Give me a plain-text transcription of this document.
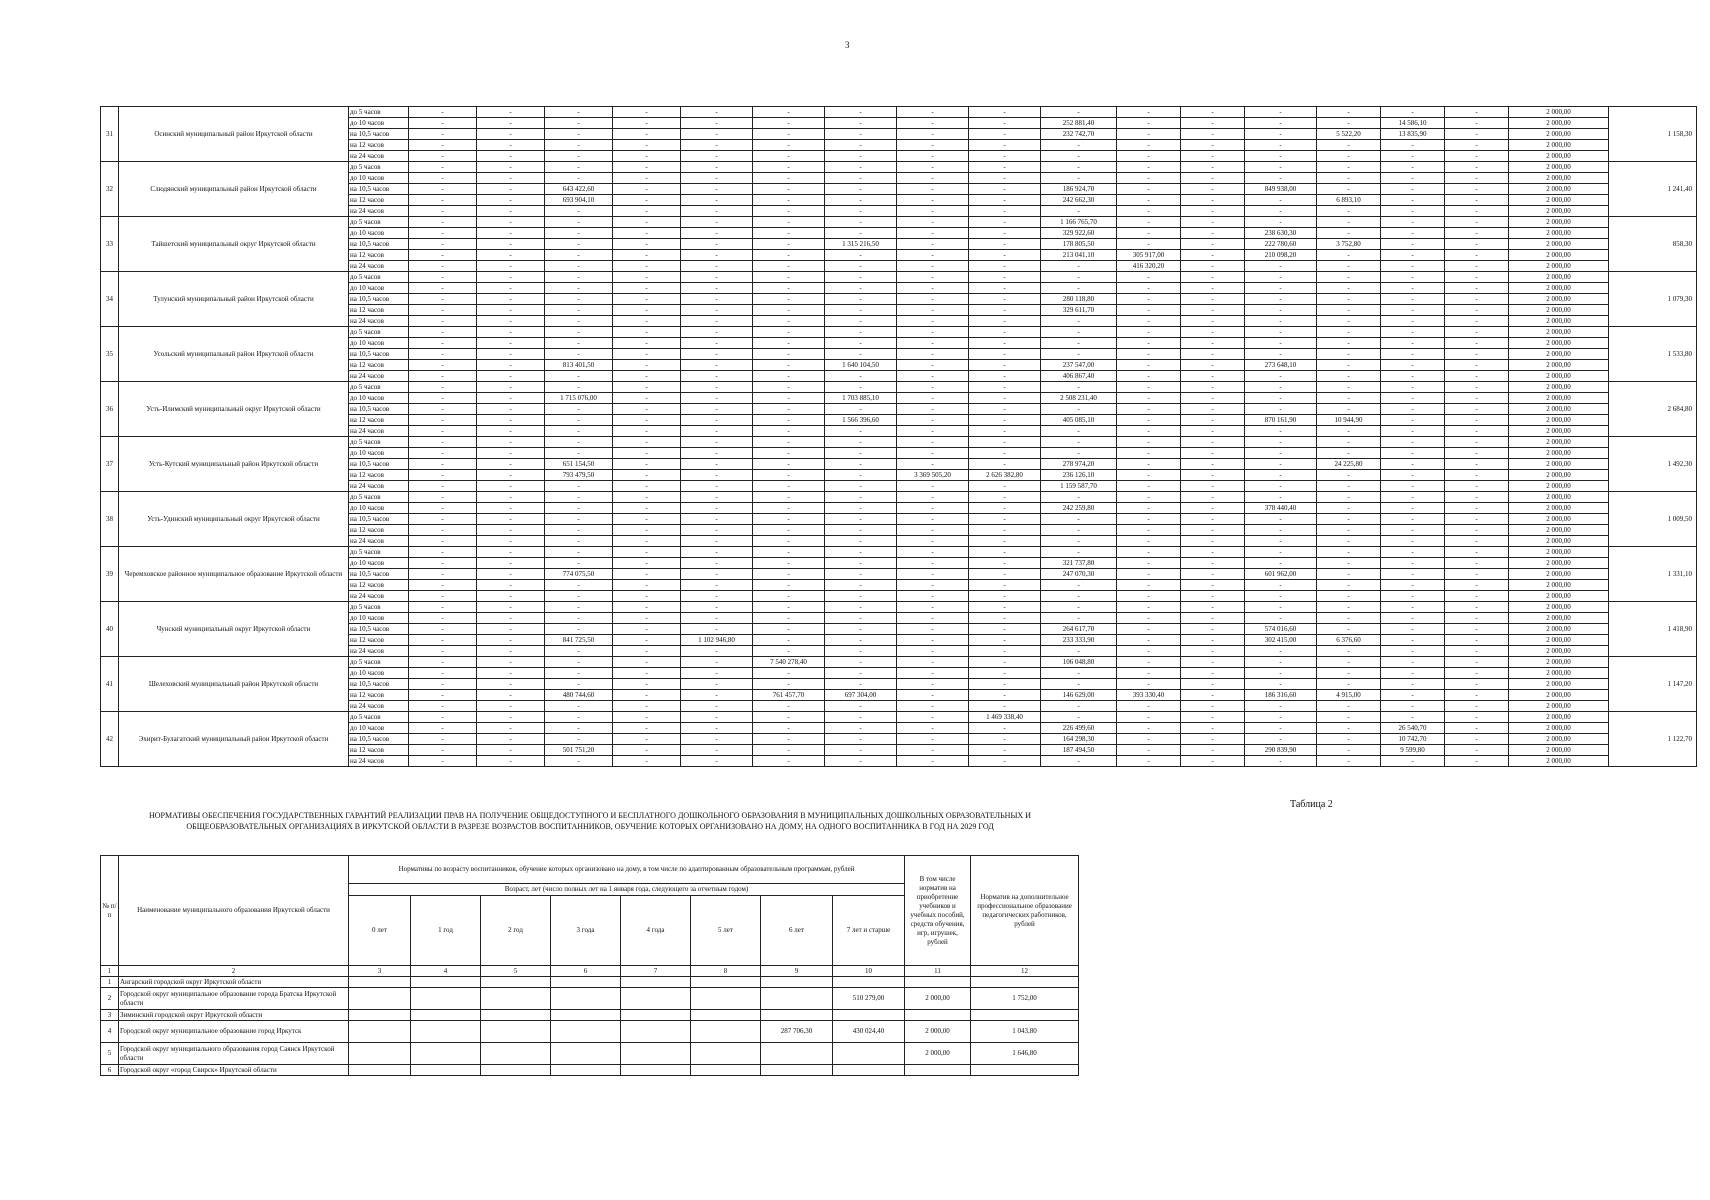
3
31	Осинский муниципальный район Иркутской области	до 5 часов	-	-	-	-	-	-	-	-	-	-	-	-	-	-	-	-	2 000,00	1 158,30
		до 10 часов	-	-	-	-	-	-	-	-	-	252 881,40	-	-	-	-	14 586,10	-	2 000,00	
		на 10,5 часов	-	-	-	-	-	-	-	-	-	232 742,70	-	-	-	5 522,20	13 835,90	-	2 000,00	
		на 12 часов	-	-	-	-	-	-	-	-	-	-	-	-	-	-	-	-	2 000,00	
		на 24 часов	-	-	-	-	-	-	-	-	-	-	-	-	-	-	-	-	2 000,00	
32	Слюдянский муниципальный район Иркутской области	до 5 часов	-	-	-	-	-	-	-	-	-	-	-	-	-	-	-	-	2 000,00	1 241,40
		до 10 часов	-	-	-	-	-	-	-	-	-	-	-	-	-	-	-	-	2 000,00	
		на 10,5 часов	-	-	643 422,60	-	-	-	-	-	-	186 924,70	-	-	849 938,00	-	-	-	2 000,00	
		на 12 часов	-	-	693 904,10	-	-	-	-	-	-	242 662,30	-	-	-	6 893,10	-	-	2 000,00	
		на 24 часов	-	-	-	-	-	-	-	-	-	-	-	-	-	-	-	-	2 000,00	
33	Тайшетский муниципальный округ Иркутской области	до 5 часов	-	-	-	-	-	-	-	-	-	1 166 765,70	-	-	-	-	-	-	2 000,00	858,30
		до 10 часов	-	-	-	-	-	-	-	-	-	329 922,60	-	-	238 630,30	-	-	-	2 000,00	
		на 10,5 часов	-	-	-	-	-	-	1 315 216,50	-	-	178 805,50	-	-	222 780,60	3 752,80	-	-	2 000,00	
		на 12 часов	-	-	-	-	-	-	-	-	-	213 041,10	305 917,00	-	210 098,20	-	-	-	2 000,00	
		на 24 часов	-	-	-	-	-	-	-	-	-	-	416 320,20	-	-	-	-	-	2 000,00	
34	Тулунский муниципальный район Иркутской области	до 5 часов	-	-	-	-	-	-	-	-	-	-	-	-	-	-	-	-	2 000,00	1 079,30
		до 10 часов	-	-	-	-	-	-	-	-	-	-	-	-	-	-	-	-	2 000,00	
		на 10,5 часов	-	-	-	-	-	-	-	-	-	280 118,80	-	-	-	-	-	-	2 000,00	
		на 12 часов	-	-	-	-	-	-	-	-	-	329 611,70	-	-	-	-	-	-	2 000,00	
		на 24 часов	-	-	-	-	-	-	-	-	-	-	-	-	-	-	-	-	2 000,00	
35	Усольский муниципальный район Иркутской области	до 5 часов	-	-	-	-	-	-	-	-	-	-	-	-	-	-	-	-	2 000,00	1 533,80
		до 10 часов	-	-	-	-	-	-	-	-	-	-	-	-	-	-	-	-	2 000,00	
		на 10,5 часов	-	-	-	-	-	-	-	-	-	-	-	-	-	-	-	-	2 000,00	
		на 12 часов	-	-	813 401,50	-	-	-	1 640 104,50	-	-	237 547,00	-	-	273 648,10	-	-	-	2 000,00	
		на 24 часов	-	-	-	-	-	-	-	-	-	406 867,40	-	-	-	-	-	-	2 000,00	
36	Усть-Илимский муниципальный округ Иркутской области	до 5 часов	-	-	-	-	-	-	-	-	-	-	-	-	-	-	-	-	2 000,00	2 684,80
		до 10 часов	-	-	1 715 076,00	-	-	-	1 703 885,10	-	-	2 508 231,40	-	-	-	-	-	-	2 000,00	
		на 10,5 часов	-	-	-	-	-	-	-	-	-	-	-	-	-	-	-	-	2 000,00	
		на 12 часов	-	-	-	-	-	-	1 566 396,60	-	-	405 085,10	-	-	870 161,90	10 944,90	-	-	2 000,00	
		на 24 часов	-	-	-	-	-	-	-	-	-	-	-	-	-	-	-	-	2 000,00	
37	Усть-Кутский муниципальный район Иркутской области	до 5 часов	-	-	-	-	-	-	-	-	-	-	-	-	-	-	-	-	2 000,00	1 492,30
		до 10 часов	-	-	-	-	-	-	-	-	-	-	-	-	-	-	-	-	2 000,00	
		на 10,5 часов	-	-	651 154,50	-	-	-	-	-	-	278 974,20	-	-	-	24 225,80	-	-	2 000,00	
		на 12 часов	-	-	793 479,50	-	-	-	-	3 369 505,20	2 626 382,80	236 126,10	-	-	-	-	-	-	2 000,00	
		на 24 часов	-	-	-	-	-	-	-	-	-	1 159 587,70	-	-	-	-	-	-	2 000,00	
38	Усть-Удинский муниципальный округ Иркутской области	до 5 часов	-	-	-	-	-	-	-	-	-	-	-	-	-	-	-	-	2 000,00	1 009,50
		до 10 часов	-	-	-	-	-	-	-	-	-	242 259,80	-	-	378 440,40	-	-	-	2 000,00	
		на 10,5 часов	-	-	-	-	-	-	-	-	-	-	-	-	-	-	-	-	2 000,00	
		на 12 часов	-	-	-	-	-	-	-	-	-	-	-	-	-	-	-	-	2 000,00	
		на 24 часов	-	-	-	-	-	-	-	-	-	-	-	-	-	-	-	-	2 000,00	
39	Черемховское районное муниципальное образование Иркутской области	до 5 часов	-	-	-	-	-	-	-	-	-	-	-	-	-	-	-	-	2 000,00	1 331,10
		до 10 часов	-	-	-	-	-	-	-	-	-	321 737,80	-	-	-	-	-	-	2 000,00	
		на 10,5 часов	-	-	774 075,50	-	-	-	-	-	-	247 070,30	-	-	601 962,00	-	-	-	2 000,00	
		на 12 часов	-	-	-	-	-	-	-	-	-	-	-	-	-	-	-	-	2 000,00	
		на 24 часов	-	-	-	-	-	-	-	-	-	-	-	-	-	-	-	-	2 000,00	
40	Чунский муниципальный округ Иркутской области	до 5 часов	-	-	-	-	-	-	-	-	-	-	-	-	-	-	-	-	2 000,00	1 418,90
		до 10 часов	-	-	-	-	-	-	-	-	-	-	-	-	-	-	-	-	2 000,00	
		на 10,5 часов	-	-	-	-	-	-	-	-	-	264 617,70	-	-	574 016,60	-	-	-	2 000,00	
		на 12 часов	-	-	841 725,50	-	1 102 946,80	-	-	-	-	233 333,90	-	-	302 415,00	6 376,60	-	-	2 000,00	
		на 24 часов	-	-	-	-	-	-	-	-	-	-	-	-	-	-	-	-	2 000,00	
41	Шелеховский муниципальный район Иркутской области	до 5 часов	-	-	-	-	-	7 540 278,40	-	-	-	106 048,80	-	-	-	-	-	-	2 000,00	1 147,20
		до 10 часов	-	-	-	-	-	-	-	-	-	-	-	-	-	-	-	-	2 000,00	
		на 10,5 часов	-	-	-	-	-	-	-	-	-	-	-	-	-	-	-	-	2 000,00	
		на 12 часов	-	-	480 744,60	-	-	761 457,70	697 304,00	-	-	146 629,00	393 330,40	-	186 316,60	4 915,00	-	-	2 000,00	
		на 24 часов	-	-	-	-	-	-	-	-	-	-	-	-	-	-	-	-	2 000,00	
42	Эхирит-Булагатский муниципальный район Иркутской области	до 5 часов	-	-	-	-	-	-	-	-	1 469 338,40	-	-	-	-	-	-	-	2 000,00	1 122,70
		до 10 часов	-	-	-	-	-	-	-	-	-	226 499,60	-	-	-	-	26 540,70	-	2 000,00	
		на 10,5 часов	-	-	-	-	-	-	-	-	-	164 298,30	-	-	-	-	10 742,70	-	2 000,00	
		на 12 часов	-	-	501 751,20	-	-	-	-	-	-	187 494,50	-	-	290 839,90	-	9 599,80	-	2 000,00	
		на 24 часов	-	-	-	-	-	-	-	-	-	-	-	-	-	-	-	-	2 000,00	
Таблица 2
НОРМАТИВЫ ОБЕСПЕЧЕНИЯ ГОСУДАРСТВЕННЫХ ГАРАНТИЙ РЕАЛИЗАЦИИ ПРАВ НА ПОЛУЧЕНИЕ ОБЩЕДОСТУПНОГО И БЕСПЛАТНОГО ДОШКОЛЬНОГО ОБРАЗОВАНИЯ В МУНИЦИПАЛЬНЫХ ДОШКОЛЬНЫХ ОБРАЗОВАТЕЛЬНЫХ И ОБЩЕОБРАЗОВАТЕЛЬНЫХ ОРГАНИЗАЦИЯХ В ИРКУТСКОЙ ОБЛАСТИ В РАЗРЕЗЕ ВОЗРАСТОВ ВОСПИТАННИКОВ, ОБУЧЕНИЕ КОТОРЫХ ОРГАНИЗОВАНО НА ДОМУ, НА ОДНОГО ВОСПИТАННИКА В ГОД НА 2029 ГОД
№ п/п	Наименование муниципального образования Иркутской области	Нормативы по возрасту воспитанников, обучение которых организовано на дому, в том числе по адаптированным образовательным программам, рублей								В том числе норматив на приобретение учебников и учебных пособий, средств обучения, игр, игрушек, рублей	Норматив на дополнительное профессиональное образование педагогических работников, рублей
		Возраст, лет (число полных лет на 1 января года, следующего за отчетным годом)									
		0 лет	1 год	2 год	3 года	4 года	5 лет	6 лет	7 лет и старше		
1	2	3	4	5	6	7	8	9	10	11	12
1	Ангарский городской округ Иркутской области										
2	Городской округ муниципальное образование города Братска Иркутской области								510 279,00	2 000,00	1 752,00
3	Зиминский городской округ Иркутской области										
4	Городской округ муниципальное образование город Иркутск							287 706,30	430 024,40	2 000,00	1 043,80
5	Городской округ муниципального образования город Саянск Иркутской области									2 000,00	1 646,80
6	Городской округ «город Свирск» Иркутской области										
